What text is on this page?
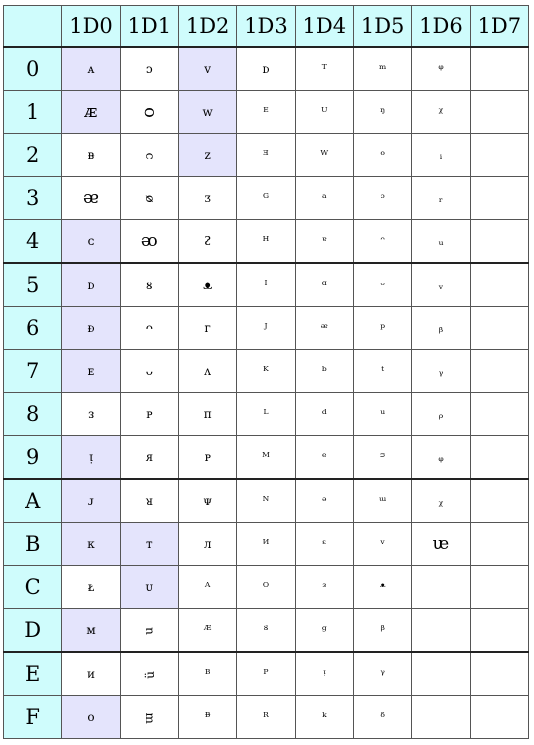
	1D0	1D1	1D2	1D3	1D4	1D5	1D6	1D7
0	ᴀ	ᴐ	ᴠ	ᴅ	ᵀ	ᵐ	ᵠ	
1	ᴁ	ᴑ	ᴡ	ᴱ	ᵁ	ᵑ	ᵡ	
2	ᴃ	ᴒ	ᴢ	ᴲ	ᵂ	ᵒ	ᵢ	
3	ᴂ	ᴓ	ᴣ	ᴳ	ᵃ	ᵓ	ᵣ	
4	ᴄ	ᴔ	ᴤ	ᴴ	ᵄ	ᵔ	ᵤ	
5	ᴅ	ᴕ	ᴥ	ᴵ	ᵅ	ᵕ	ᵥ	
6	ᴆ	ᴖ	ᴦ	ᴶ	ᵆ	ᵖ	ᵦ	
7	ᴇ	ᴗ	ᴧ	ᴷ	ᵇ	ᵗ	ᵧ	
8	ᴈ	ᴘ	ᴨ	ᴸ	ᵈ	ᵘ	ᵨ	
9	ᴉ	ᴙ	ᴩ	ᴹ	ᵉ	ᵙ	ᵩ	
A	ᴊ	ᴚ	ᴪ	ᴺ	ᵊ	ᵚ	ᵪ	
B	ᴋ	ᴛ	ᴫ	ᴻ	ᵋ	ᵛ	ᵫ	
C	ᴌ	ᴜ	ᴬ	ᴼ	ᵌ	ᵜ		
D	ᴍ	ᴝ	ᴭ	ᴽ	ᵍ	ᵝ		
E	ᴎ	ᴞ	ᴮ	ᴾ	ᵎ	ᵞ		
F	ᴏ	ᴟ	ᴯ	ᴿ	ᵏ	ᵟ		
